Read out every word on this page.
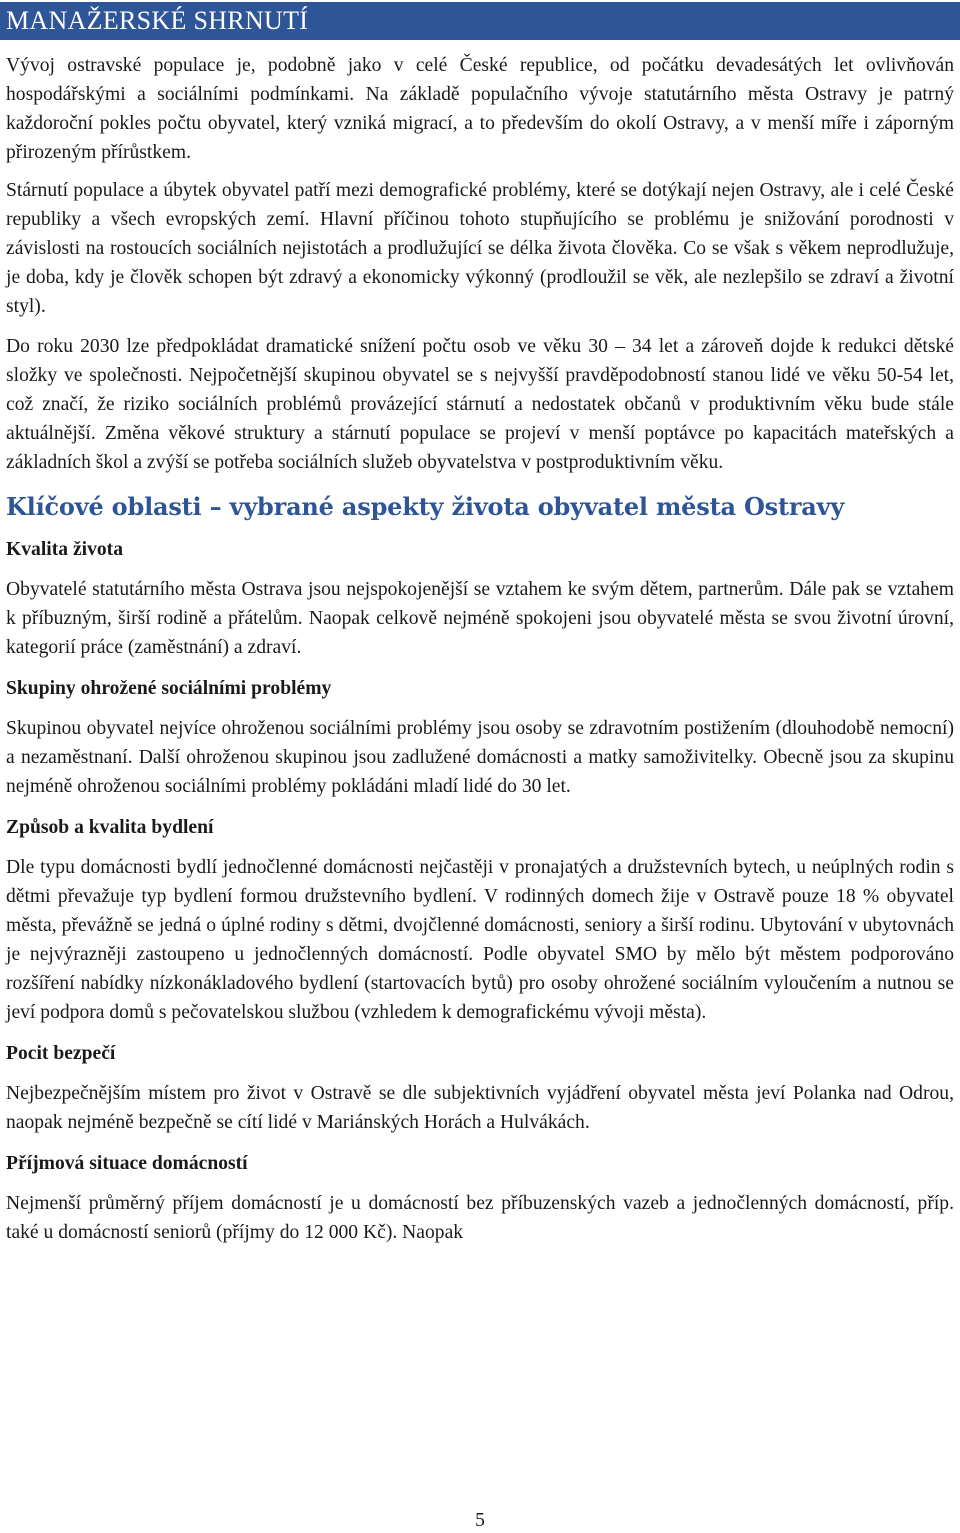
MANAŽERSKÉ SHRNUTÍ

Vývoj ostravské populace je, podobně jako v celé České republice, od počátku devadesátých let ovlivňován hospodářskými a sociálními podmínkami. Na základě populačního vývoje statutárního města Ostravy je patrný každoroční pokles počtu obyvatel, který vzniká migrací, a to především do okolí Ostravy, a v menší míře i záporným přirozeným přírůstkem.

Stárnutí populace a úbytek obyvatel patří mezi demografické problémy, které se dotýkají nejen Ostravy, ale i celé České republiky a všech evropských zemí. Hlavní příčinou tohoto stupňujícího se problému je snižování porodnosti v závislosti na rostoucích sociálních nejistotách a prodlužující se délka života člověka. Co se však s věkem neprodlužuje, je doba, kdy je člověk schopen být zdravý a ekonomicky výkonný (prodloužil se věk, ale nezlepšilo se zdraví a životní styl).

Do roku 2030 lze předpokládat dramatické snížení počtu osob ve věku 30 – 34 let a zároveň dojde k redukci dětské složky ve společnosti. Nejpočetnější skupinou obyvatel se s nejvyšší pravděpodobností stanou lidé ve věku 50-54 let, což značí, že riziko sociálních problémů provázející stárnutí a nedostatek občanů v produktivním věku bude stále aktuálnější. Změna věkové struktury a stárnutí populace se projeví v menší poptávce po kapacitách mateřských a základních škol a zvýší se potřeba sociálních služeb obyvatelstva v postproduktivním věku.

Klíčové oblasti – vybrané aspekty života obyvatel města Ostravy
Kvalita života

Obyvatelé statutárního města Ostrava jsou nejspokojenější se vztahem ke svým dětem, partnerům. Dále pak se vztahem k příbuzným, širší rodině a přátelům. Naopak celkově nejméně spokojeni jsou obyvatelé města se svou životní úrovní, kategorií práce (zaměstnání) a zdraví.

Skupiny ohrožené sociálními problémy

Skupinou obyvatel nejvíce ohroženou sociálními problémy jsou osoby se zdravotním postižením (dlouhodobě nemocní) a nezaměstnaní. Další ohroženou skupinou jsou zadlužené domácnosti a matky samoživitelky. Obecně jsou za skupinu nejméně ohroženou sociálními problémy pokládáni mladí lidé do 30 let.

Způsob a kvalita bydlení

Dle typu domácnosti bydlí jednočlenné domácnosti nejčastěji v pronajatých a družstevních bytech, u neúplných rodin s dětmi převažuje typ bydlení formou družstevního bydlení. V rodinných domech žije v Ostravě pouze 18 % obyvatel města, převážně se jedná o úplné rodiny s dětmi, dvojčlenné domácnosti, seniory a širší rodinu. Ubytování v ubytovnách je nejvýrazněji zastoupeno u jednočlenných domácností. Podle obyvatel SMO by mělo být městem podporováno rozšíření nabídky nízkonákladového bydlení (startovacích bytů) pro osoby ohrožené sociálním vyloučením a nutnou se jeví podpora domů s pečovatelskou službou (vzhledem k demografickému vývoji města).

Pocit bezpečí

Nejbezpečnějším místem pro život v Ostravě se dle subjektivních vyjádření obyvatel města jeví Polanka nad Odrou, naopak nejméně bezpečně se cítí lidé v Mariánských Horách a Hulvákách.

Příjmová situace domácností

Nejmenší průměrný příjem domácností je u domácností bez příbuzenských vazeb a jednočlenných domácností, příp. také u domácností seniorů (příjmy do 12 000 Kč). Naopak

5
